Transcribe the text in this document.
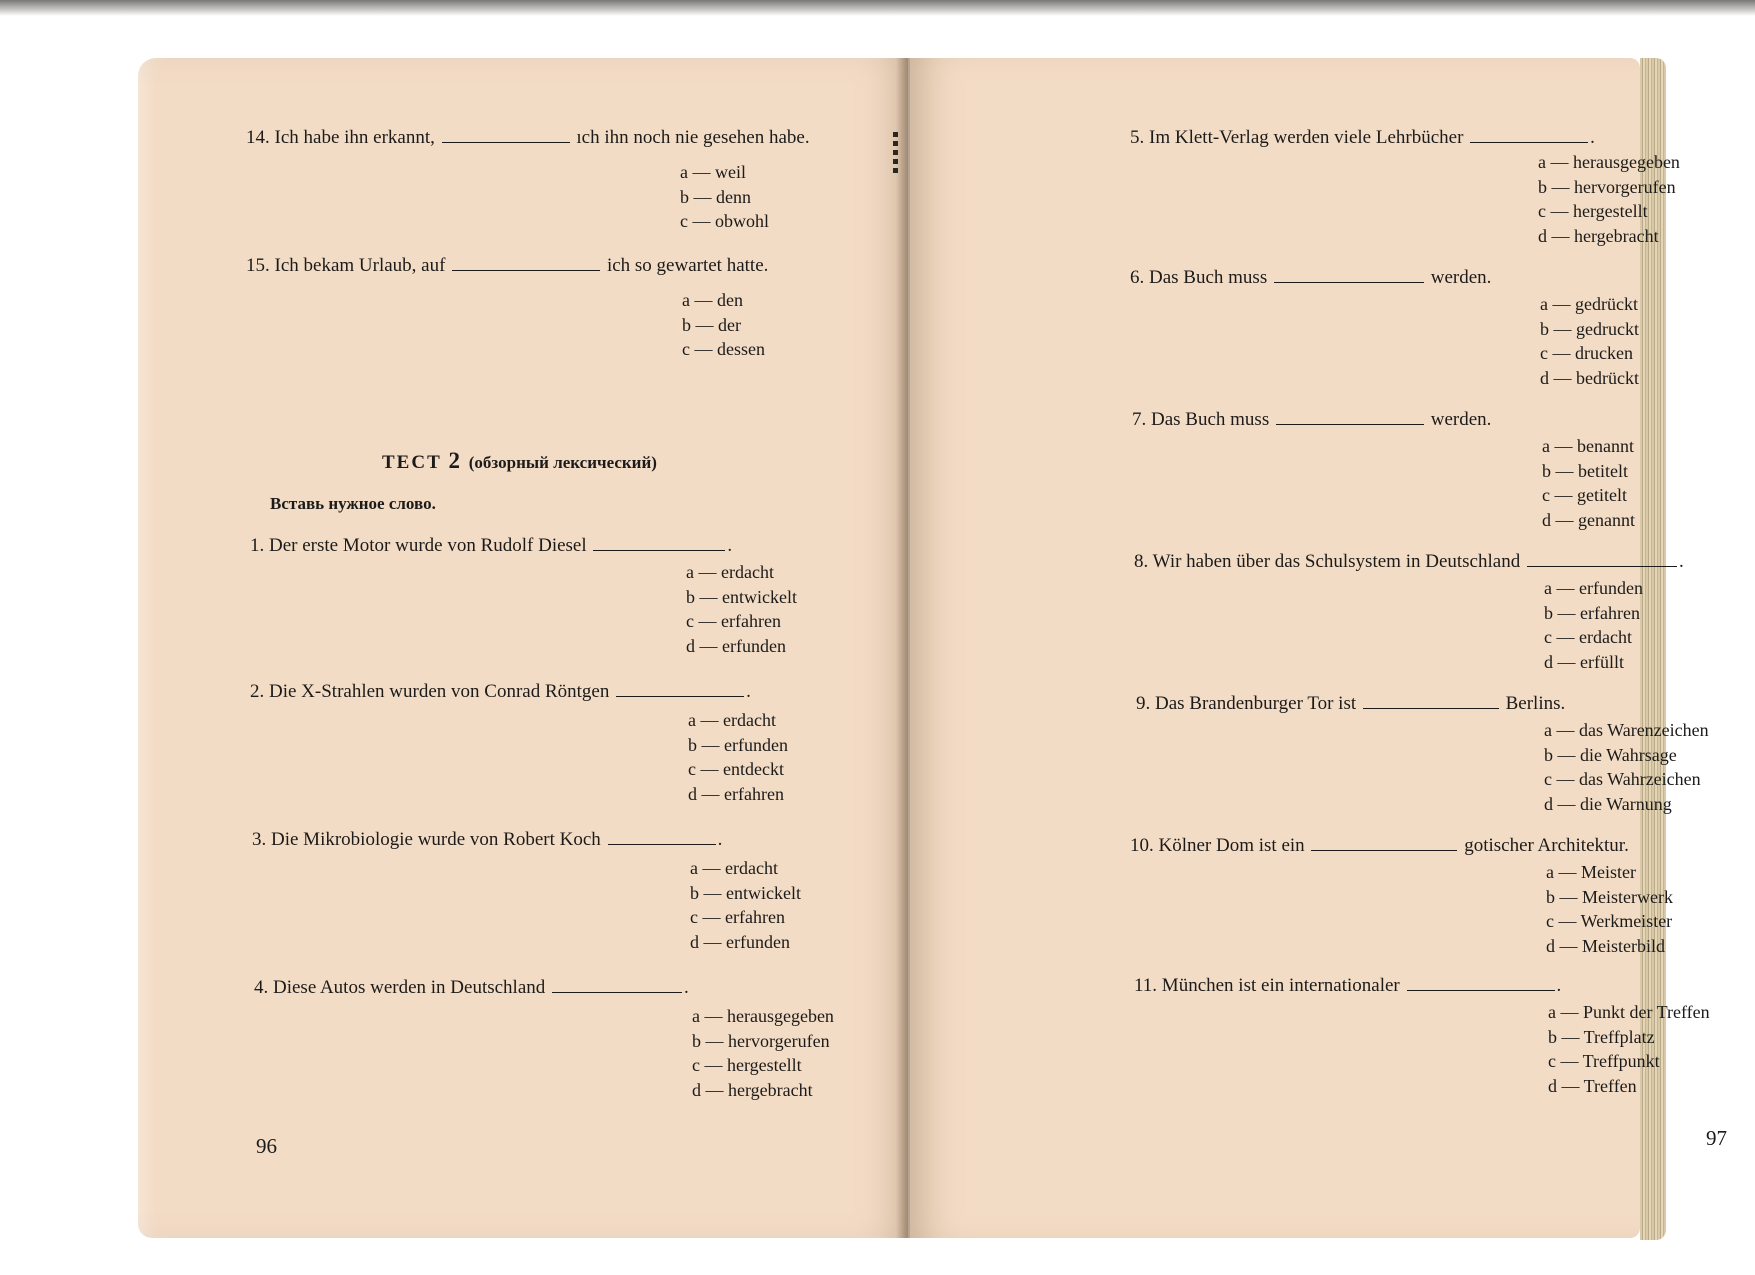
14. Ich habe ihn erkannt,	ıch ihn noch nie gesehen habe.
a — weil
b — denn
c — obwohl
15. Ich bekam Urlaub, auf	ich so gewartet hatte.
a — den
b — der
c — dessen
ТЕСТ 2 (обзорный лексический)
Вставь нужное слово.
1. Der erste Motor wurde von Rudolf Diesel	.
a — erdacht
b — entwickelt
c — erfahren
d — erfunden
2. Die X-Strahlen wurden von Conrad Röntgen	.
a — erdacht
b — erfunden
c — entdeckt
d — erfahren
3. Die Mikrobiologie wurde von Robert Koch	.
a — erdacht
b — entwickelt
c — erfahren
d — erfunden
4. Diese Autos werden in Deutschland	.
a — herausgegeben
b — hervorgerufen
c — hergestellt
d — hergebracht
96
5. Im Klett-Verlag werden viele Lehrbücher	.
a — herausgegeben
b — hervorgerufen
c — hergestellt
d — hergebracht
6. Das Buch muss	werden.
a — gedrückt
b — gedruckt
c — drucken
d — bedrückt
7. Das Buch muss	werden.
a — benannt
b — betitelt
c — getitelt
d — genannt
8. Wir haben über das Schulsystem in Deutschland	.
a — erfunden
b — erfahren
c — erdacht
d — erfüllt
9. Das Brandenburger Tor ist	Berlins.
a — das Warenzeichen
b — die Wahrsage
c — das Wahrzeichen
d — die Warnung
10. Kölner Dom ist ein	gotischer Architektur.
a — Meister
b — Meisterwerk
c — Werkmeister
d — Meisterbild
11. München ist ein internationaler	.
a — Punkt der Treffen
b — Treffplatz
c — Treffpunkt
d — Treffen
97
